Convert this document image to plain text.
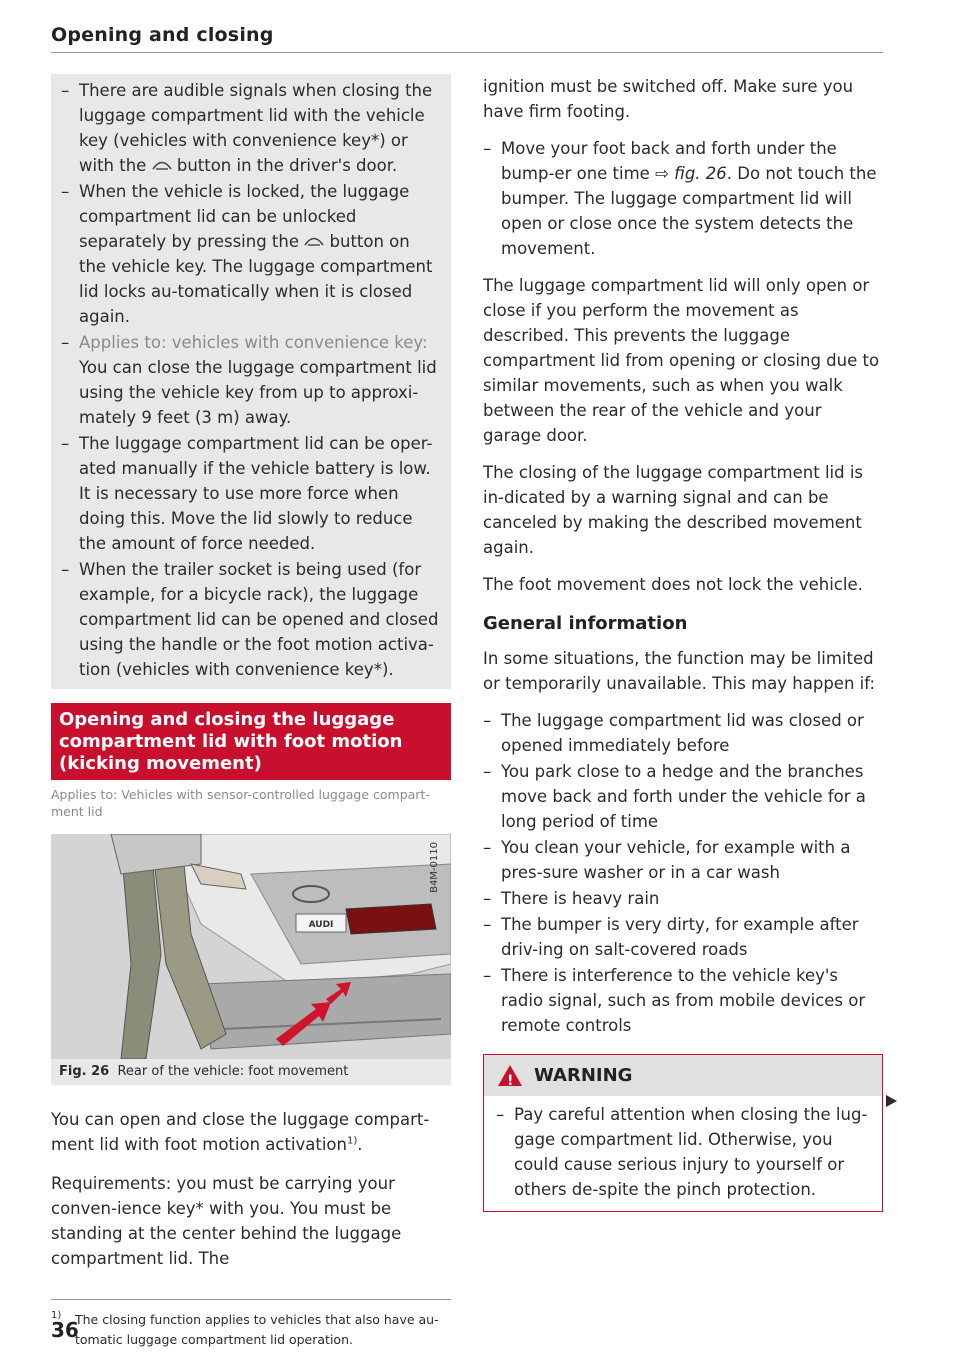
Opening and closing
– There are audible signals when closing the luggage compartment lid with the vehicle key (vehicles with convenience key*) or with the button in the driver's door.
– When the vehicle is locked, the luggage compartment lid can be unlocked separately by pressing the button on the vehicle key. The luggage compartment lid locks au-tomatically when it is closed again.
– Applies to: vehicles with convenience key: You can close the luggage compartment lid using the vehicle key from up to approxi-mately 9 feet (3 m) away.
– The luggage compartment lid can be oper-ated manually if the vehicle battery is low. It is necessary to use more force when doing this. Move the lid slowly to reduce the amount of force needed.
– When the trailer socket is being used (for example, for a bicycle rack), the luggage compartment lid can be opened and closed using the handle or the foot motion activa-tion (vehicles with convenience key*).
Opening and closing the luggage compartment lid with foot motion (kicking movement)
Applies to: Vehicles with sensor-controlled luggage compart-ment lid
AUDI
B4M-0110
Fig. 26 Rear of the vehicle: foot movement

You can open and close the luggage compart-ment lid with foot motion activation$^{1)}$.

Requirements: you must be carrying your conven-ience key* with you. You must be standing at the center behind the luggage compartment lid. The

1) The closing function applies to vehicles that also have au-tomatic luggage compartment lid operation.
36

ignition must be switched off. Make sure you have firm footing.

– Move your foot back and forth under the bump-er one time ⇨ fig. 26. Do not touch the bumper. The luggage compartment lid will open or close once the system detects the movement.

The luggage compartment lid will only open or close if you perform the movement as described. This prevents the luggage compartment lid from opening or closing due to similar movements, such as when you walk between the rear of the vehicle and your garage door.

The closing of the luggage compartment lid is in-dicated by a warning signal and can be canceled by making the described movement again.

The foot movement does not lock the vehicle.

General information

In some situations, the function may be limited or temporarily unavailable. This may happen if:

– The luggage compartment lid was closed or opened immediately before
– You park close to a hedge and the branches move back and forth under the vehicle for a long period of time
– You clean your vehicle, for example with a pres-sure washer or in a car wash
– There is heavy rain
– The bumper is very dirty, for example after driv-ing on salt-covered roads
– There is interference to the vehicle key's radio signal, such as from mobile devices or remote controls
!
WARNING
– Pay careful attention when closing the lug-gage compartment lid. Otherwise, you could cause serious injury to yourself or others de-spite the pinch protection.
